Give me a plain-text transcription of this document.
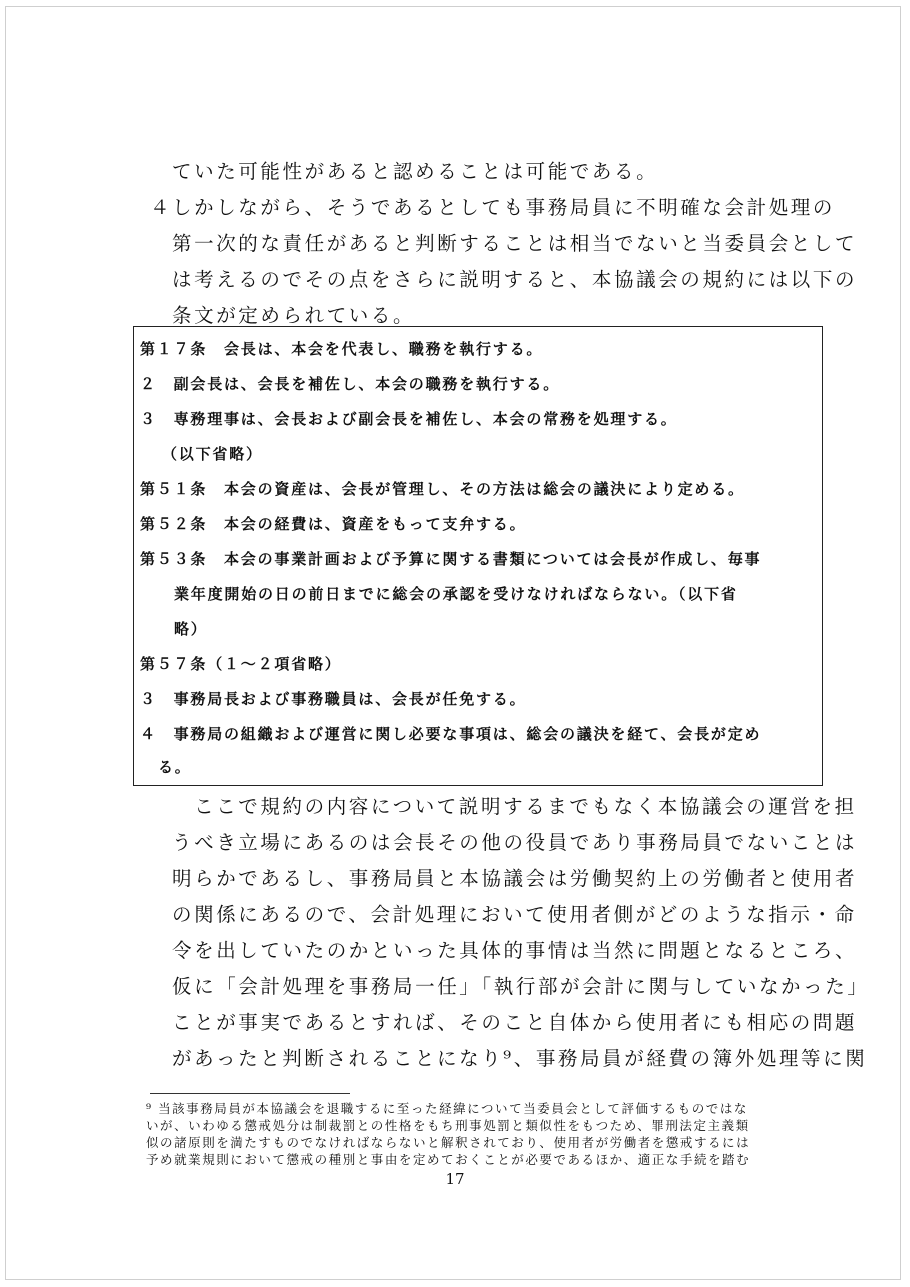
ていた可能性があると認めることは可能である。
４ しかしながら、そうであるとしても事務局員に不明確な会計処理の
第一次的な責任があると判断することは相当でないと当委員会として
は考えるのでその点をさらに説明すると、本協議会の規約には以下の
条文が定められている。
第１７条　会長は、本会を代表し、職務を執行する。
２　副会長は、会長を補佐し、本会の職務を執行する。
３　専務理事は、会長および副会長を補佐し、本会の常務を処理する。
（以下省略）
第５１条　本会の資産は、会長が管理し、その方法は総会の議決により定める。
第５２条　本会の経費は、資産をもって支弁する。
第５３条　本会の事業計画および予算に関する書類については会長が作成し、毎事
業年度開始の日の前日までに総会の承認を受けなければならない。（以下省
略）
第５７条（１～２項省略）
３　事務局長および事務職員は、会長が任免する。
４　事務局の組織および運営に関し必要な事項は、総会の議決を経て、会長が定め
る。
　ここで規約の内容について説明するまでもなく本協議会の運営を担
うべき立場にあるのは会長その他の役員であり事務局員でないことは
明らかであるし、事務局員と本協議会は労働契約上の労働者と使用者
の関係にあるので、会計処理において使用者側がどのような指示・命
令を出していたのかといった具体的事情は当然に問題となるところ、
仮に「会計処理を事務局一任」「執行部が会計に関与していなかった」
ことが事実であるとすれば、そのこと自体から使用者にも相応の問題
があったと判断されることになり⁹、事務局員が経費の簿外処理等に関
⁹ 当該事務局員が本協議会を退職するに至った経緯について当委員会として評価するものではな
いが、いわゆる懲戒処分は制裁罰との性格をもち刑事処罰と類似性をもつため、罪刑法定主義類
似の諸原則を満たすものでなければならないと解釈されており、使用者が労働者を懲戒するには
予め就業規則において懲戒の種別と事由を定めておくことが必要であるほか、適正な手続を踏む
17
